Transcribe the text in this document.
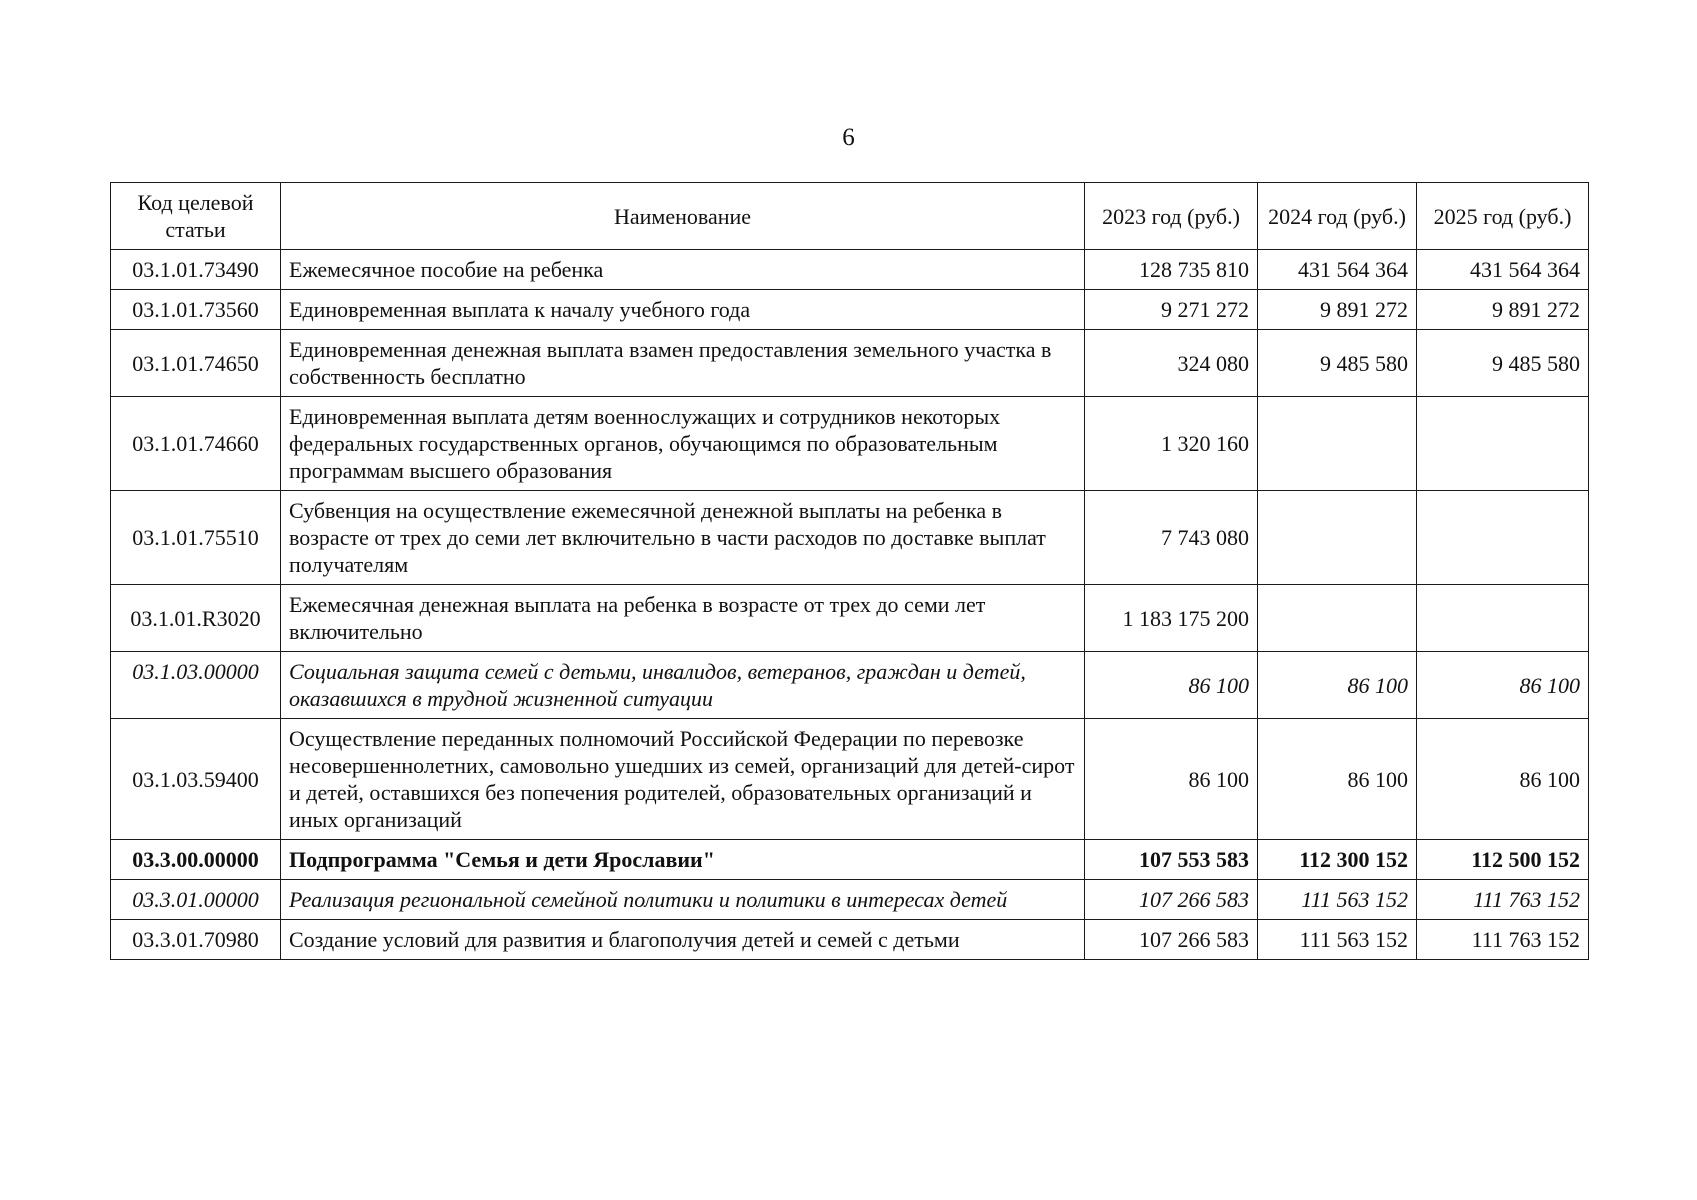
6
Код целевой статьи	Наименование	2023 год (руб.)	2024 год (руб.)	2025 год (руб.)
03.1.01.73490	Ежемесячное пособие на ребенка	128 735 810	431 564 364	431 564 364
03.1.01.73560	Единовременная выплата к началу учебного года	9 271 272	9 891 272	9 891 272
03.1.01.74650	Единовременная денежная выплата взамен предоставления земельного участка в собственность бесплатно	324 080	9 485 580	9 485 580
03.1.01.74660	Единовременная выплата детям военнослужащих и сотрудников некоторых федеральных государственных органов, обучающимся по образовательным программам высшего образования	1 320 160		
03.1.01.75510	Субвенция на осуществление ежемесячной денежной выплаты на ребенка в возрасте от трех до семи лет включительно в части расходов по доставке выплат получателям	7 743 080		
03.1.01.R3020	Ежемесячная денежная выплата на ребенка в возрасте от трех до семи лет включительно	1 183 175 200		
03.1.03.00000	Социальная защита семей с детьми, инвалидов, ветеранов, граждан и детей, оказавшихся в трудной жизненной ситуации	86 100	86 100	86 100
03.1.03.59400	Осуществление переданных полномочий Российской Федерации по перевозке несовершеннолетних, самовольно ушедших из семей, организаций для детей-сирот и детей, оставшихся без попечения родителей, образовательных организаций и иных организаций	86 100	86 100	86 100
03.3.00.00000	Подпрограмма "Семья и дети Ярославии"	107 553 583	112 300 152	112 500 152
03.3.01.00000	Реализация региональной семейной политики и политики в интересах детей	107 266 583	111 563 152	111 763 152
03.3.01.70980	Создание условий для развития и благополучия детей и семей с детьми	107 266 583	111 563 152	111 763 152
